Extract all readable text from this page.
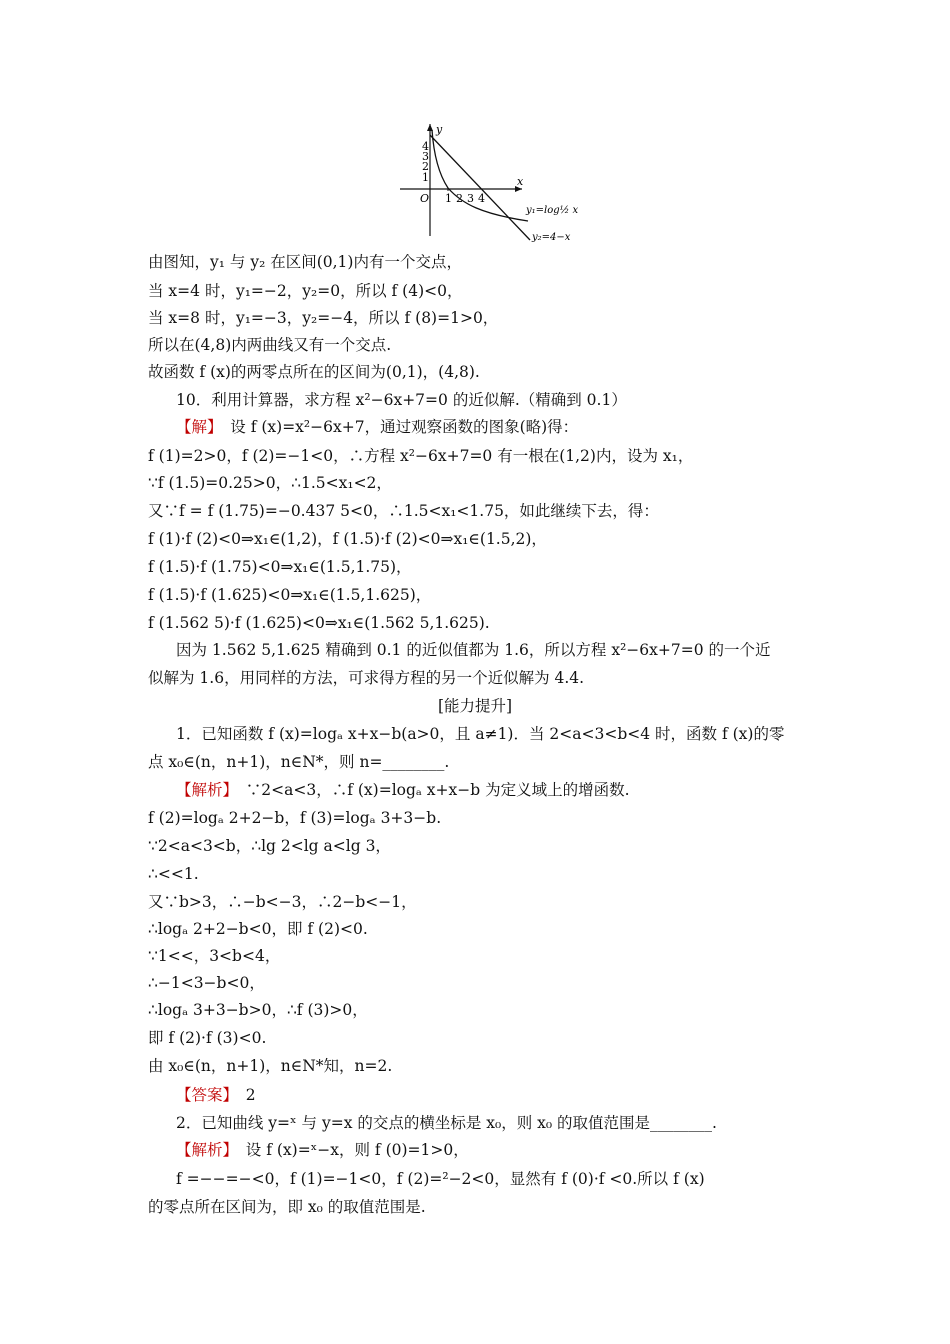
x
y
O
4
3
2
1
1 2 3 4
y₁=log½ x
y₂=4−x
由图知，y₁ 与 y₂ 在区间(0,1)内有一个交点，
当 x=4 时，y₁=−2，y₂=0，所以 f (4)<0，
当 x=8 时，y₁=−3，y₂=−4，所以 f (8)=1>0，
所以在(4,8)内两曲线又有一个交点.
故函数 f (x)的两零点所在的区间为(0,1)，(4,8).
10．利用计算器，求方程 x²−6x+7=0 的近似解.（精确到 0.1）
【解】　设 f (x)=x²−6x+7，通过观察函数的图象(略)得：
f (1)=2>0，f (2)=−1<0，∴方程 x²−6x+7=0 有一根在(1,2)内，设为 x₁，
∵f (1.5)=0.25>0，∴1.5<x₁<2，
又∵f = f (1.75)=−0.437 5<0，∴1.5<x₁<1.75，如此继续下去，得：
f (1)·f (2)<0⇒x₁∈(1,2)，f (1.5)·f (2)<0⇒x₁∈(1.5,2)，
f (1.5)·f (1.75)<0⇒x₁∈(1.5,1.75)，
f (1.5)·f (1.625)<0⇒x₁∈(1.5,1.625)，
f (1.562 5)·f (1.625)<0⇒x₁∈(1.562 5,1.625).
因为 1.562 5,1.625 精确到 0.1 的近似值都为 1.6，所以方程 x²−6x+7=0 的一个近
似解为 1.6，用同样的方法，可求得方程的另一个近似解为 4.4.
[能力提升]
1．已知函数 f (x)=logₐ x+x−b(a>0，且 a≠1)．当 2<a<3<b<4 时，函数 f (x)的零
点 x₀∈(n，n+1)，n∈N*，则 n=________.
【解析】　∵2<a<3，∴f (x)=logₐ x+x−b 为定义域上的增函数.
f (2)=logₐ 2+2−b，f (3)=logₐ 3+3−b.
∵2<a<3<b，∴lg 2<lg a<lg 3，
∴<<1.
又∵b>3，∴−b<−3，∴2−b<−1，
∴logₐ 2+2−b<0，即 f (2)<0.
∵1<<，3<b<4，
∴−1<3−b<0，
∴logₐ 3+3−b>0，∴f (3)>0，
即 f (2)·f (3)<0.
由 x₀∈(n，n+1)，n∈N*知，n=2.
【答案】　2
2．已知曲线 y=ˣ 与 y=x 的交点的横坐标是 x₀，则 x₀ 的取值范围是________.
【解析】　设 f (x)=ˣ−x，则 f (0)=1>0，
f =−−=−<0，f (1)=−1<0，f (2)=²−2<0，显然有 f (0)·f <0.所以 f (x)
的零点所在区间为，即 x₀ 的取值范围是.
